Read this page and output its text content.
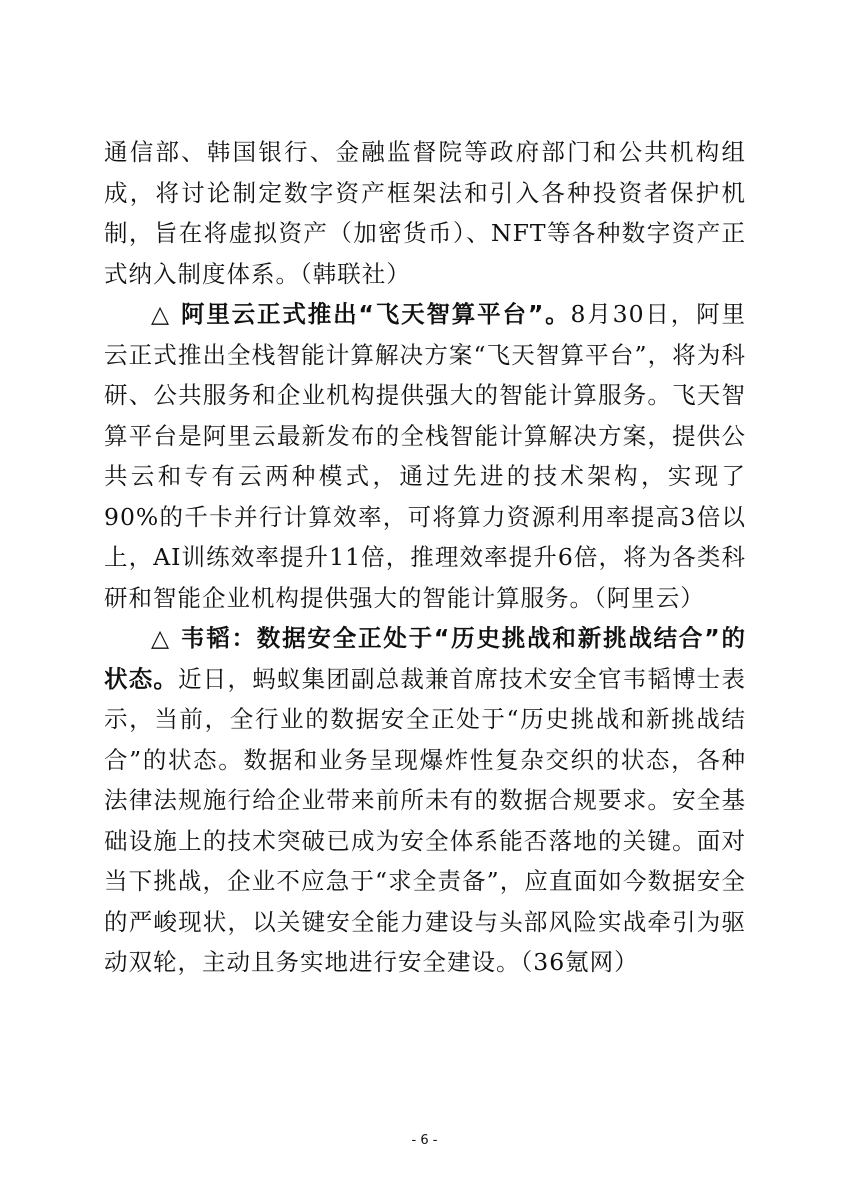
通信部、韩国银行、金融监督院等政府部门和公共机构组成，将讨论制定数字资产框架法和引入各种投资者保护机制，旨在将虚拟资产（加密货币）、NFT等各种数字资产正式纳入制度体系。（韩联社）

△ 阿里云正式推出“飞天智算平台”。8月30日，阿里云正式推出全栈智能计算解决方案“飞天智算平台”，将为科研、公共服务和企业机构提供强大的智能计算服务。飞天智算平台是阿里云最新发布的全栈智能计算解决方案，提供公共云和专有云两种模式，通过先进的技术架构，实现了90%的千卡并行计算效率，可将算力资源利用率提高3倍以上，AI训练效率提升11倍，推理效率提升6倍，将为各类科研和智能企业机构提供强大的智能计算服务。（阿里云）

△ 韦韬：数据安全正处于“历史挑战和新挑战结合”的状态。近日，蚂蚁集团副总裁兼首席技术安全官韦韬博士表示，当前，全行业的数据安全正处于“历史挑战和新挑战结合”的状态。数据和业务呈现爆炸性复杂交织的状态，各种法律法规施行给企业带来前所未有的数据合规要求。安全基础设施上的技术突破已成为安全体系能否落地的关键。面对当下挑战，企业不应急于“求全责备”，应直面如今数据安全的严峻现状，以关键安全能力建设与头部风险实战牵引为驱动双轮，主动且务实地进行安全建设。（36氪网）

- 6 -
